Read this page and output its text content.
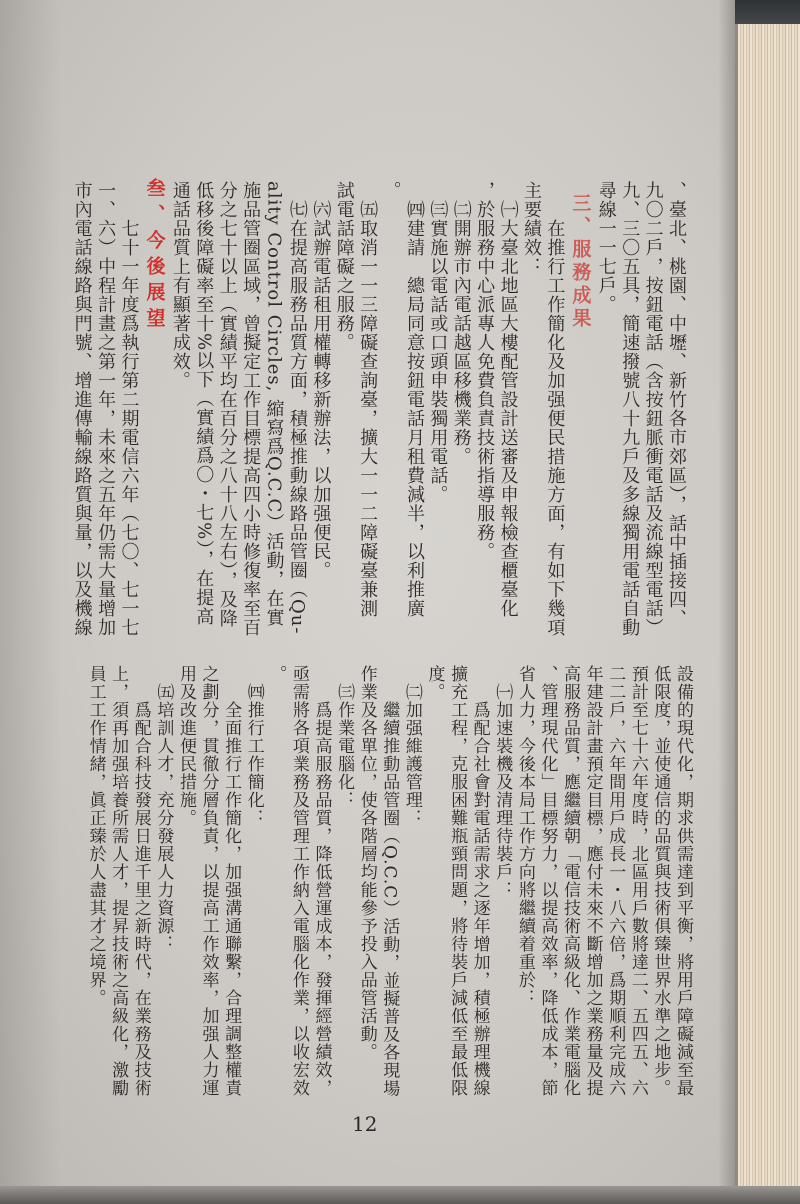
、臺北、桃園、中壢、新竹各市郊區），話中插接四、

九〇二戶，按鈕電話（含按鈕脈衝電話及流線型電話）

九、三〇五具，簡速撥號八十九戶及多線獨用電話自動

尋線一一七戶。

三、服務成果

在推行工作簡化及加强便民措施方面，有如下幾項

主要績效：

㈠大臺北地區大樓配管設計送審及申報檢查櫃臺化

，於服務中心派專人免費負責技術指導服務。

㈡開辦市內電話越區移機業務。

㈢實施以電話或口頭申裝獨用電話。

㈣建請　總局同意按鈕電話月租費減半，以利推廣

。

㈤取消一一三障礙查詢臺，擴大一一二障礙臺兼測

試電話障礙之服務。

㈥試辦電話租用權轉移新辦法，以加强便民。

㈦在提高服務品質方面，積極推動線路品管圈（Qu-

ality Control Circles, 縮寫爲Q.C.C）活動，在實

施品管圈區域，曾擬定工作目標提高四小時修復率至百

分之七十以上（實績平均在百分之八十八左右），及降

低移後障礙率至十%以下（實績爲〇・七%），在提高

通話品質上有顯著成效。

叁、今後展望

七十一年度爲執行第二期電信六年（七〇、七一七

一、六）中程計畫之第一年，未來之五年仍需大量增加

市內電話線路與門號、增進傳輸線路質與量，以及機線

設備的現代化，期求供需達到平衡，將用戶障礙減至最

低限度，並使通信的品質與技術俱臻世界水準之地步。

預計至七十六年度時，北區用戶數將達二、五四五、六

二二戶，六年間用戶成長一・八六倍，爲期順利完成六

年建設計畫預定目標，應付未來不斷增加之業務量及提

高服務品質，應繼續朝「電信技術高級化、作業電腦化

、管理現代化」目標努力，以提高效率，降低成本，節

省人力，今後本局工作方向將繼續着重於：

㈠加速裝機及清理待裝戶：

爲配合社會對電話需求之逐年增加，積極辦理機線

擴充工程，克服困難瓶頸問題，將待裝戶減低至最低限

度。

㈡加强維護管理：

繼續推動品管圈（Q.C.C）活動，並擬普及各現場

作業及各單位，使各階層均能參予投入品管活動。

㈢作業電腦化：

爲提高服務品質，降低營運成本，發揮經營績效，

亟需將各項業務及管理工作納入電腦化作業，以收宏效

。

㈣推行工作簡化：

全面推行工作簡化，加强溝通聯繫，合理調整權責

之劃分，貫徹分層負責，以提高工作效率，加强人力運

用及改進便民措施。

㈤培訓人才，充分發展人力資源：

爲配合科技發展日進千里之新時代，在業務及技術

上，須再加强培養所需人才，提昇技術之高級化，激勵

員工工作情緒，眞正臻於人盡其才之境界。

12
